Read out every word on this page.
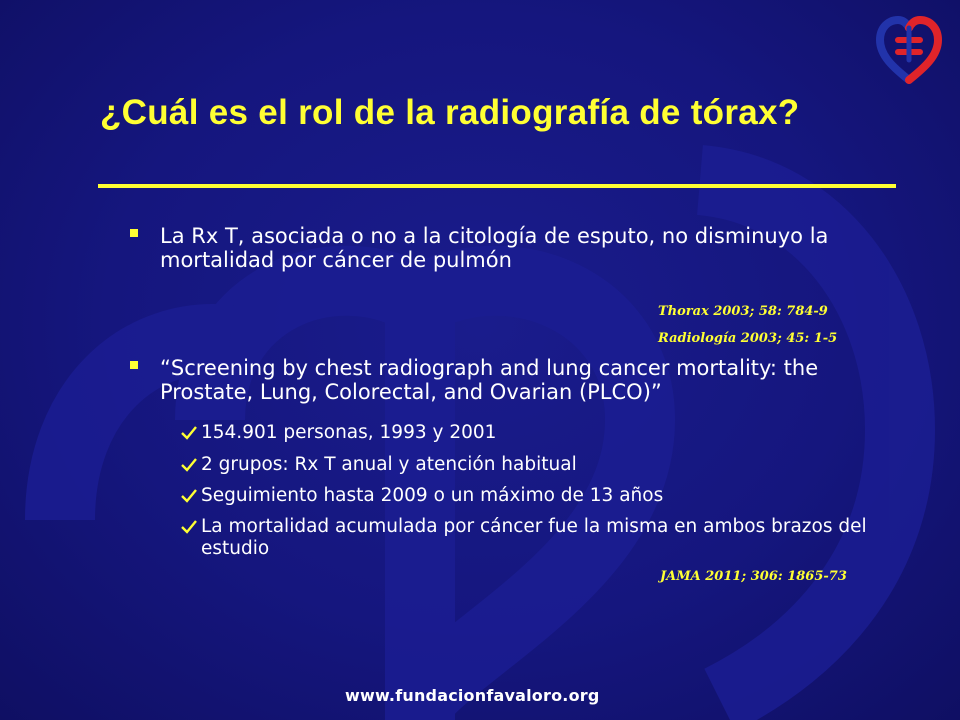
¿Cuál es el rol de la radiografía de tórax?
La Rx T, asociada o no a la citología de esputo, no disminuyo la mortalidad por cáncer de pulmón
Thorax 2003; 58: 784-9
Radiología 2003; 45: 1-5
“Screening by chest radiograph and lung cancer mortality: the Prostate, Lung, Colorectal, and Ovarian (PLCO)”
154.901 personas, 1993 y 2001
2 grupos: Rx T anual y atención habitual
Seguimiento hasta 2009 o un máximo de 13 años
La mortalidad acumulada por cáncer fue la misma en ambos brazos del estudio
JAMA 2011; 306: 1865-73
www.fundacionfavaloro.org
